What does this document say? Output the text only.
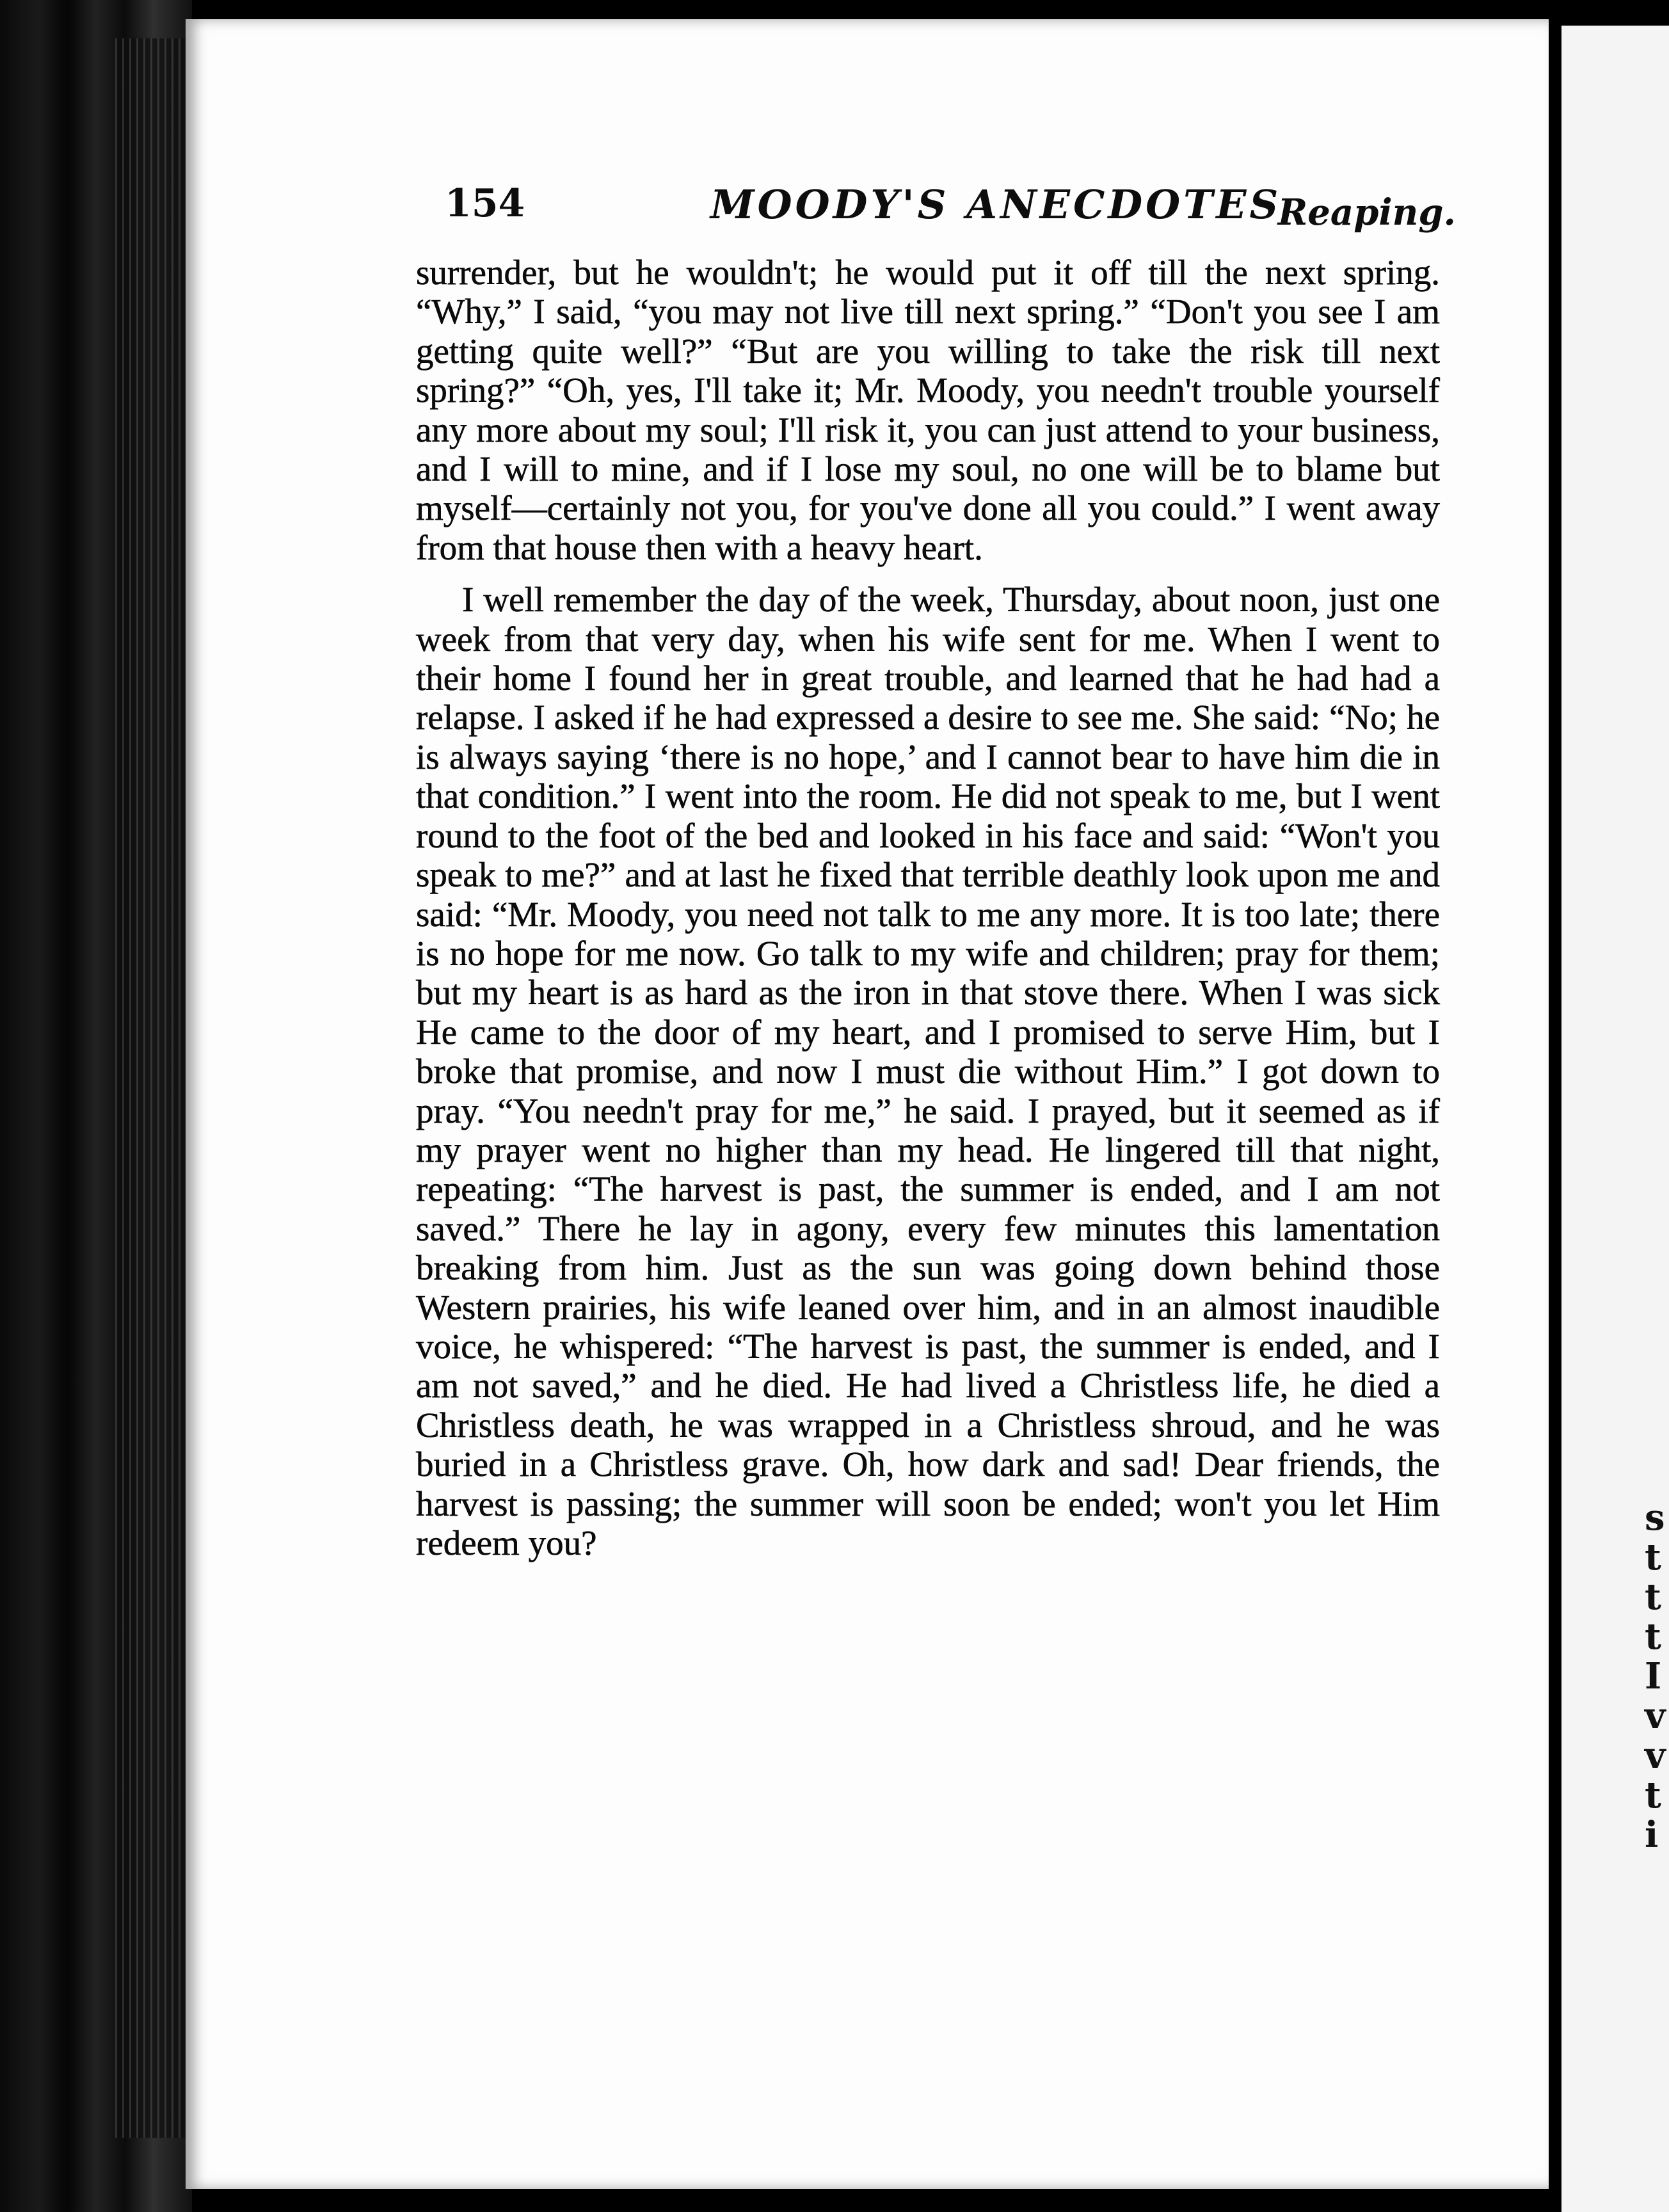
s
t
t
t
I
v
v
t
i
154	MOODY'S ANECDOTES
Reaping.

surrender, but he wouldn't; he would put it off till the next spring. “Why,” I said, “you may not live till next spring.” “Don't you see I am getting quite well?” “But are you willing to take the risk till next spring?” “Oh, yes, I'll take it; Mr. Moody, you needn't trouble yourself any more about my soul; I'll risk it, you can just attend to your business, and I will to mine, and if I lose my soul, no one will be to blame but myself—certainly not you, for you've done all you could.” I went away from that house then with a heavy heart.

I well remember the day of the week, Thursday, about noon, just one week from that very day, when his wife sent for me. When I went to their home I found her in great trouble, and learned that he had had a relapse. I asked if he had expressed a desire to see me. She said: “No; he is always saying ‘there is no hope,’ and I cannot bear to have him die in that condition.” I went into the room. He did not speak to me, but I went round to the foot of the bed and looked in his face and said: “Won't you speak to me?” and at last he fixed that terrible deathly look upon me and said: “Mr. Moody, you need not talk to me any more. It is too late; there is no hope for me now. Go talk to my wife and children; pray for them; but my heart is as hard as the iron in that stove there. When I was sick He came to the door of my heart, and I promised to serve Him, but I broke that promise, and now I must die without Him.” I got down to pray. “You needn't pray for me,” he said. I prayed, but it seemed as if my prayer went no higher than my head. He lingered till that night, repeating: “The harvest is past, the summer is ended, and I am not saved.” There he lay in agony, every few minutes this lamentation breaking from him. Just as the sun was going down behind those Western prairies, his wife leaned over him, and in an almost inaudible voice, he whispered: “The harvest is past, the summer is ended, and I am not saved,” and he died. He had lived a Christless life, he died a Christless death, he was wrapped in a Christless shroud, and he was buried in a Christless grave. Oh, how dark and sad! Dear friends, the harvest is passing; the summer will soon be ended; won't you let Him redeem you?
